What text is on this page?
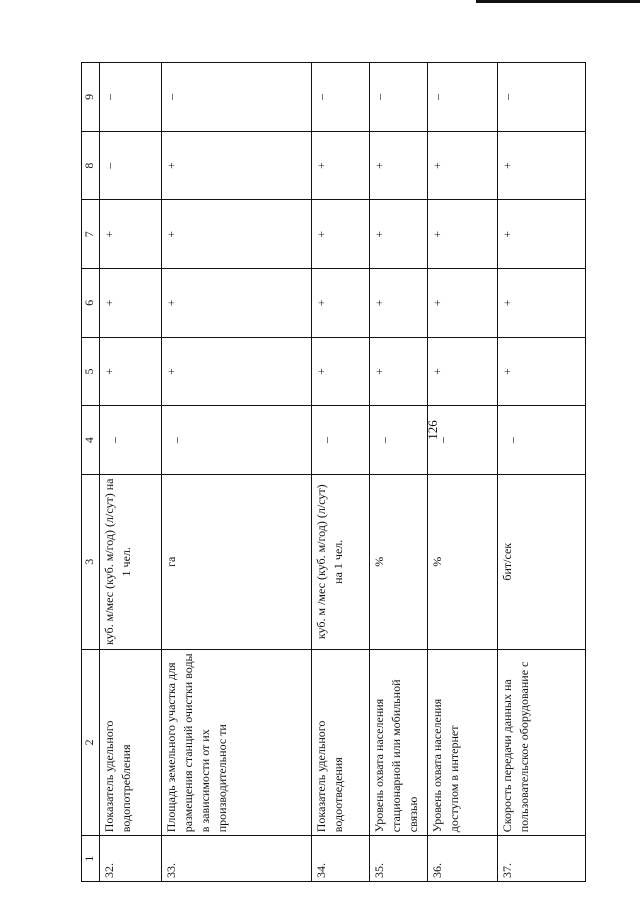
126
1	2	3	4	5	6	7	8	9
32.	Показатель удельного водопотребления	куб. м/мес (куб. м/год) (л/сут) на 1 чел.	–	+	+	+	–	–
33.	Площадь земельного участка для размещения станций очистки воды в зависимости от их производительнос ти	га	–	+	+	+	+	–
34.	Показатель удельного водоотведения	куб. м /мес (куб. м/год) (л/сут) на 1 чел.	–	+	+	+	+	–
35.	Уровень охвата населения стационарной или мобильной связью	%	–	+	+	+	+	–
36.	Уровень охвата населения доступом в интернет	%	–	+	+	+	+	–
37.	Скорость передачи данных на пользовательское оборудование с	бит/сек	–	+	+	+	+	–
